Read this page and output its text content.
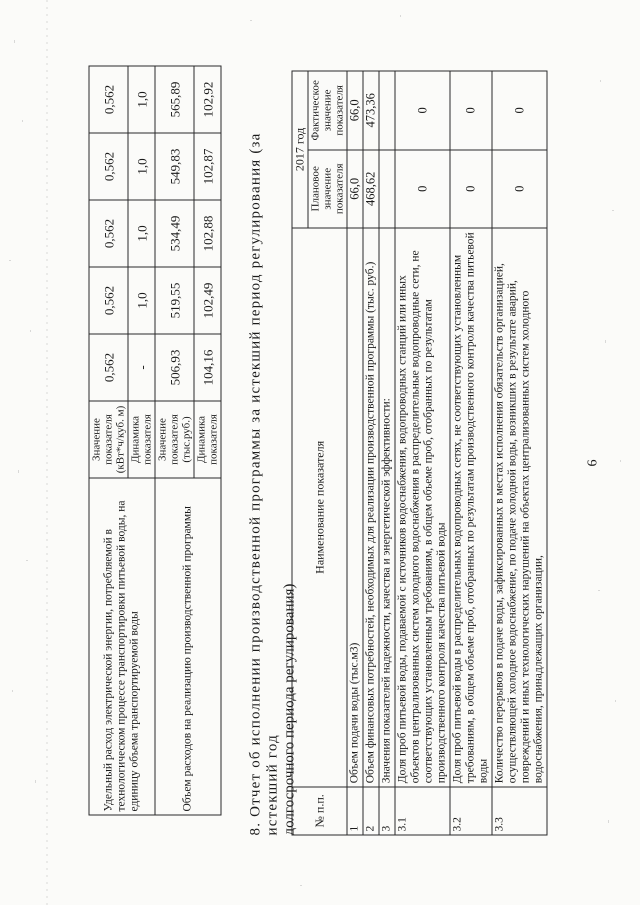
6
Удельный расход электрической энергии, потребляемой в технологическом процессе транспортировки питьевой воды, на единицу объема транспортируемой воды	Значение показателя (кВт*ч/куб. м)	0,562	0,562	0,562	0,562	0,562
	Динамика показателя	-	1,0	1,0	1,0	1,0
Объем расходов на реализацию производственной программы	Значение показателя (тыс.руб.)	506,93	519,55	534,49	549,83	565,89
	Динамика показателя	104,16	102,49	102,88	102,87	102,92
8. Отчет об исполнении производственной программы за истекший период регулирования (за истекший год долгосрочного периода регулирования) № п.п.	Наименование показателя	2017 год	
		Плановое значение показателя	Фактическое значение показателя
1	Объем подачи воды (тыс.м3)	66,0	66,0
2	Объем финансовых потребностей, необходимых для реализации производственной программы (тыс. руб.)	468,62	473,36
3	Значения показателей надежности, качества и энергетической эффективности:		
3.1	Доля проб питьевой воды, подаваемой с источников водоснабжения, водопроводных станций или иных объектов централизованных систем холодного водоснабжения в распределительные водопроводные сети, не соответствующих установленным требованиям, в общем объеме проб, отобранных по результатам производственного контроля качества питьевой воды	0	0
3.2	Доля проб питьевой воды в распределительных водопроводных сетях, не соответствующих установленным требованиям, в общем объеме проб, отобранных по результатам производственного контроля качества питьевой воды	0	0
3.3	Количество перерывов в подаче воды, зафиксированных в местах исполнения обязательств организацией, осуществляющей холодное водоснабжение, по подаче холодной воды, возникших в результате аварий, повреждений и иных технологических нарушений на объектах централизованных систем холодного водоснабжения, принадлежащих организации,	0	0
